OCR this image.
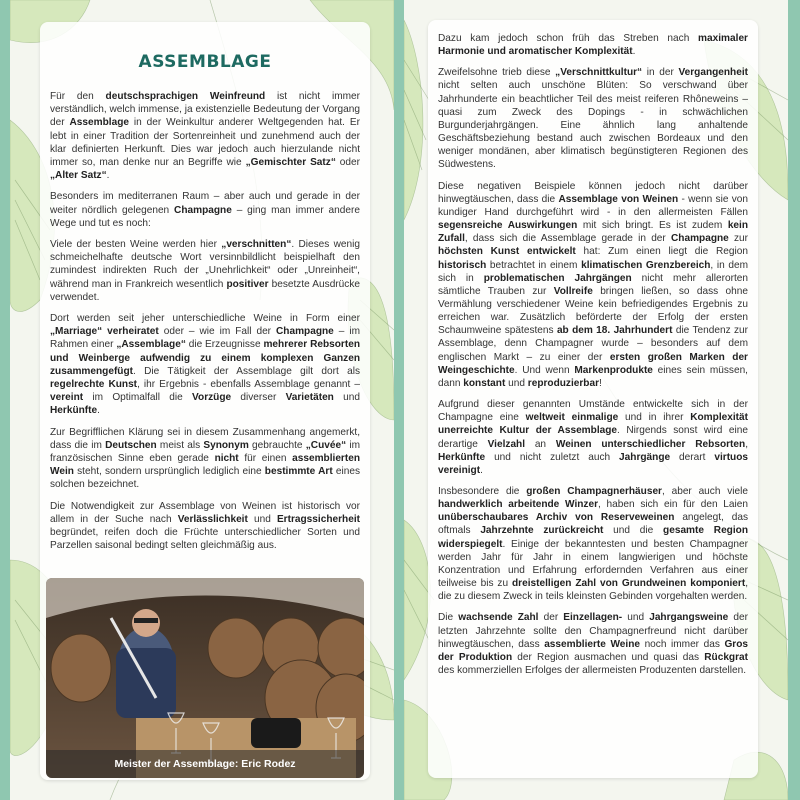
ASSEMBLAGE

Für den deutschsprachigen Weinfreund ist nicht immer verständlich, welch immense, ja existenzielle Bedeutung der Vorgang der Assemblage in der Weinkultur anderer Weltgegenden hat. Er lebt in einer Tradition der Sortenreinheit und zunehmend auch der klar definierten Herkunft. Dies war jedoch auch hierzulande nicht immer so, man denke nur an Begriffe wie „Gemischter Satz“ oder „Alter Satz“.

Besonders im mediterranen Raum – aber auch und gerade in der weiter nördlich gelegenen Champagne – ging man immer andere Wege und tut es noch:

Viele der besten Weine werden hier „verschnitten“. Dieses wenig schmeichelhafte deutsche Wort versinnbildlicht beispielhaft den zumindest indirekten Ruch der „Unehrlichkeit“ oder „Unreinheit“, während man in Frankreich wesentlich positiver besetzte Ausdrücke verwendet.

Dort werden seit jeher unterschiedliche Weine in Form einer „Marriage“ verheiratet oder – wie im Fall der Champagne – im Rahmen einer „Assemblage“ die Erzeugnisse mehrerer Rebsorten und Weinberge aufwendig zu einem komplexen Ganzen zusammengefügt. Die Tätigkeit der Assemblage gilt dort als regelrechte Kunst, ihr Ergebnis - ebenfalls Assemblage genannt – vereint im Optimalfall die Vorzüge diverser Varietäten und Herkünfte.

Zur Begrifflichen Klärung sei in diesem Zusammenhang angemerkt, dass die im Deutschen meist als Synonym gebrauchte „Cuvée“ im französischen Sinne eben gerade nicht für einen assemblierten Wein steht, sondern ursprünglich lediglich eine bestimmte Art eines solchen bezeichnet.

Die Notwendigkeit zur Assemblage von Weinen ist historisch vor allem in der Suche nach Verlässlichkeit und Ertragssicherheit begründet, reifen doch die Früchte unterschiedlicher Sorten und Parzellen saisonal bedingt selten gleichmäßig aus.

Meister der Assemblage: Eric Rodez

Dazu kam jedoch schon früh das Streben nach maximaler Harmonie und aromatischer Komplexität.

Zweifelsohne trieb diese „Verschnittkultur“ in der Vergangenheit nicht selten auch unschöne Blüten: So verschwand über Jahrhunderte ein beachtlicher Teil des meist reiferen Rhôneweins – quasi zum Zweck des Dopings - in schwächlichen Burgunderjahrgängen. Eine ähnlich lang anhaltende Geschäftsbeziehung bestand auch zwischen Bordeaux und den weniger mondänen, aber klimatisch begünstigteren Regionen des Südwestens.

Diese negativen Beispiele können jedoch nicht darüber hinwegtäuschen, dass die Assemblage von Weinen - wenn sie von kundiger Hand durchgeführt wird - in den allermeisten Fällen segensreiche Auswirkungen mit sich bringt. Es ist zudem kein Zufall, dass sich die Assemblage gerade in der Champagne zur höchsten Kunst entwickelt hat: Zum einen liegt die Region historisch betrachtet in einem klimatischen Grenzbereich, in dem sich in problematischen Jahrgängen nicht mehr allerorten sämtliche Trauben zur Vollreife bringen ließen, so dass ohne Vermählung verschiedener Weine kein befriedigendes Ergebnis zu erreichen war. Zusätzlich beförderte der Erfolg der ersten Schaumweine spätestens ab dem 18. Jahrhundert die Tendenz zur Assemblage, denn Champagner wurde – besonders auf dem englischen Markt – zu einer der ersten großen Marken der Weingeschichte. Und wenn Markenprodukte eines sein müssen, dann konstant und reproduzierbar!

Aufgrund dieser genannten Umstände entwickelte sich in der Champagne eine weltweit einmalige und in ihrer Komplexität unerreichte Kultur der Assemblage. Nirgends sonst wird eine derartige Vielzahl an Weinen unterschiedlicher Rebsorten, Herkünfte und nicht zuletzt auch Jahrgänge derart virtuos vereinigt.

Insbesondere die großen Champagnerhäuser, aber auch viele handwerklich arbeitende Winzer, haben sich ein für den Laien unüberschaubares Archiv von Reserveweinen angelegt, das oftmals Jahrzehnte zurückreicht und die gesamte Region widerspiegelt. Einige der bekanntesten und besten Champagner werden Jahr für Jahr in einem langwierigen und höchste Konzentration und Erfahrung erfordernden Verfahren aus einer teilweise bis zu dreistelligen Zahl von Grundweinen komponiert, die zu diesem Zweck in teils kleinsten Gebinden vorgehalten werden.

Die wachsende Zahl der Einzellagen- und Jahrgangsweine der letzten Jahrzehnte sollte den Champagnerfreund nicht darüber hinwegtäuschen, dass assemblierte Weine noch immer das Gros der Produktion der Region ausmachen und quasi das Rückgrat des kommerziellen Erfolges der allermeisten Produzenten darstellen.
